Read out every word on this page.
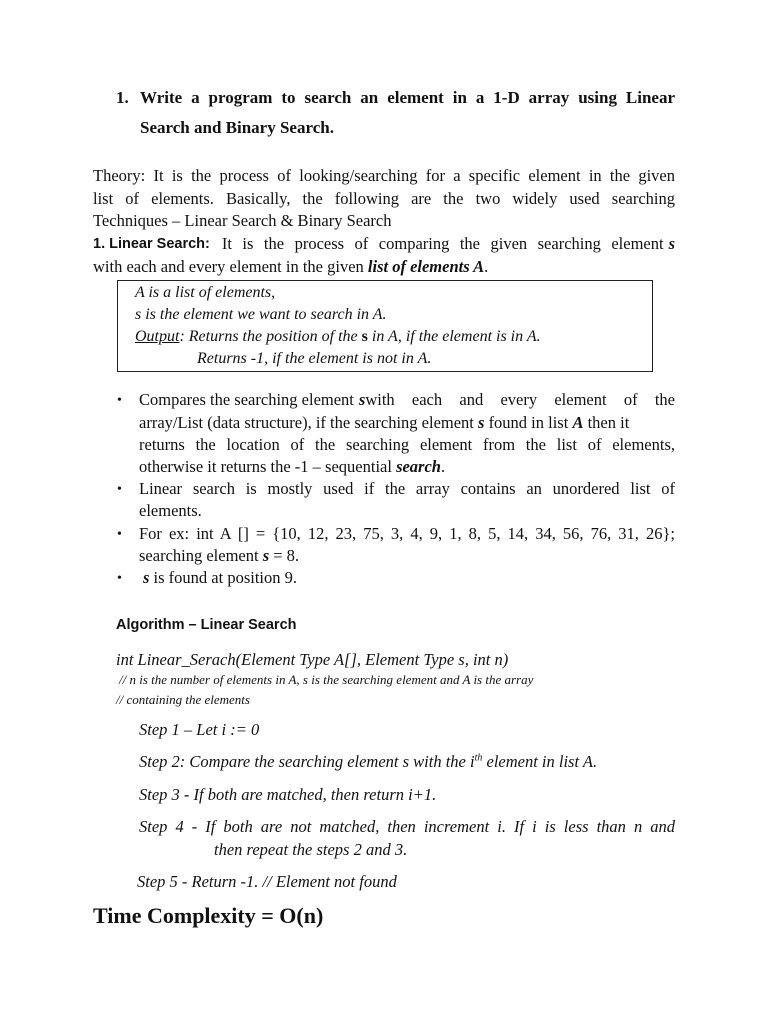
1. Write a program to search an element in a 1-D array using Linear
Search and Binary Search.
Theory: It is the process of looking/searching for a specific element in the given
list of elements. Basically, the following are the two widely used searching
Techniques – Linear Search & Binary Search
1. Linear Search: It is the process of comparing the given searching element s
with each and every element in the given list of elements A.
A is a list of elements,
s is the element we want to search in A.
Output: Returns the position of the s in A, if the element is in A.
Returns -1, if the element is not in A.
• Compares the searching element s with each and every element of the
array/List (data structure), if the searching element s found in list A then it
returns the location of the searching element from the list of elements,
otherwise it returns the -1 – sequential search.
• Linear search is mostly used if the array contains an unordered list of
elements.
• For ex: int A [] = {10, 12, 23, 75, 3, 4, 9, 1, 8, 5, 14, 34, 56, 76, 31, 26};
searching element s = 8.
• s is found at position 9.
Algorithm – Linear Search
int Linear_Serach(Element Type A[], Element Type s, int n)
// n is the number of elements in A, s is the searching element and A is the array
// containing the elements
Step 1 – Let i := 0
Step 2: Compare the searching element s with the $i^{th}$ element in list A.
Step 3 - If both are matched, then return i+1.
Step 4 - If both are not matched, then increment i. If i is less than n and
then repeat the steps 2 and 3.
Step 5 - Return -1. // Element not found
Time Complexity = O(n)
